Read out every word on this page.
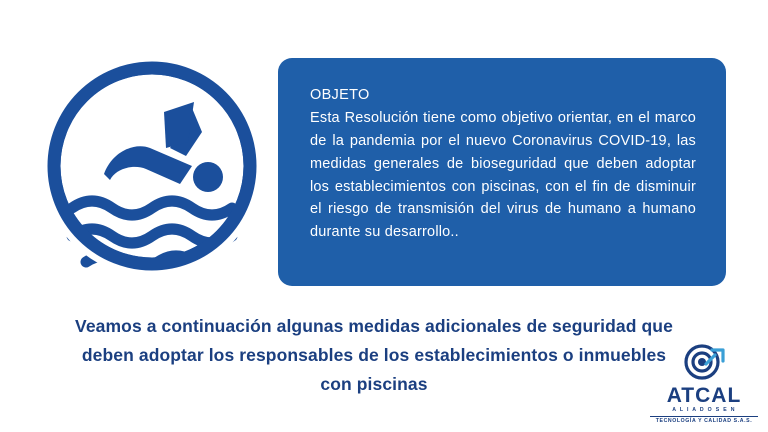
OBJETO

Esta Resolución tiene como objetivo orientar, en el marco de la pandemia por el nuevo Coronavirus COVID-19, las medidas generales de bioseguridad que deben adoptar los establecimientos con piscinas, con el fin de disminuir el riesgo de transmisión del virus de humano a humano durante su desarrollo..

Veamos a continuación algunas medidas adicionales de seguridad que deben adoptar los responsables de los establecimientos o inmuebles con piscinas
ATCAL
A L I A D O S E N
TECNOLOGÍA Y CALIDAD S.A.S.
